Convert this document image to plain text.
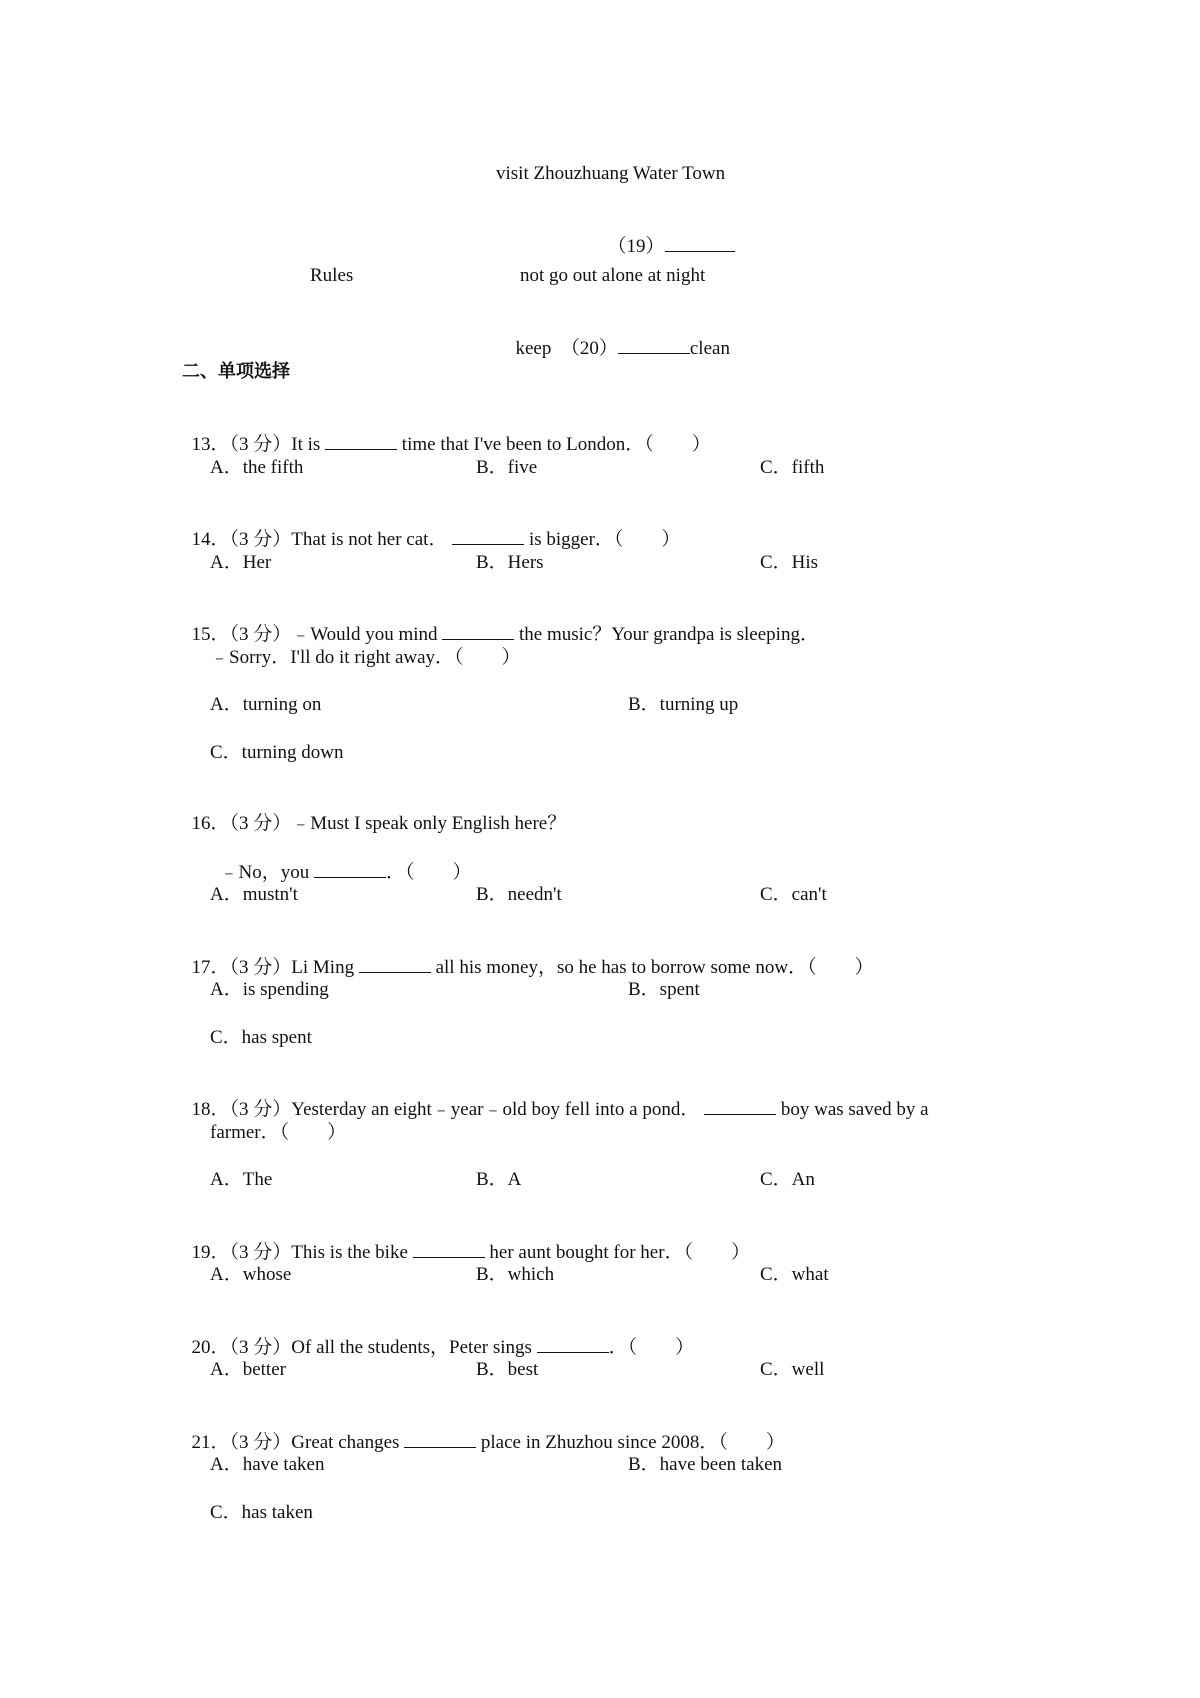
visit Zhouzhuang Water Town

（19）

Rules	not go out alone at night

keep  （20）	clean

二、单项选择

13．（3 分）It is	time that I've been to London．（　　）

A．the fifth	B．five	C．fifth

14．（3 分）That is not her cat．	is bigger．（　　）

A．Her	B．Hers	C．His

15．（3 分）﹣Would you mind	the music？Your grandpa is sleeping．

﹣Sorry．I'll do it right away．（　　）
A．turning on	B．turning up
C．turning down

16．（3 分）﹣Must I speak only English here？

﹣No，you	．（　　）

A．mustn't	B．needn't	C．can't

17．（3 分）Li Ming	all his money，so he has to borrow some now．（　　）

A．is spending	B．spent
C．has spent

18．（3 分）Yesterday an eight﹣year﹣old boy fell into a pond．	boy was saved by a

farmer．（　　）
A．The	B．A	C．An

19．（3 分）This is the bike	her aunt bought for her．（　　）

A．whose	B．which	C．what

20．（3 分）Of all the students，Peter sings	．（　　）

A．better	B．best	C．well

21．（3 分）Great changes	place in Zhuzhou since 2008．（　　）

A．have taken	B．have been taken
C．has taken
